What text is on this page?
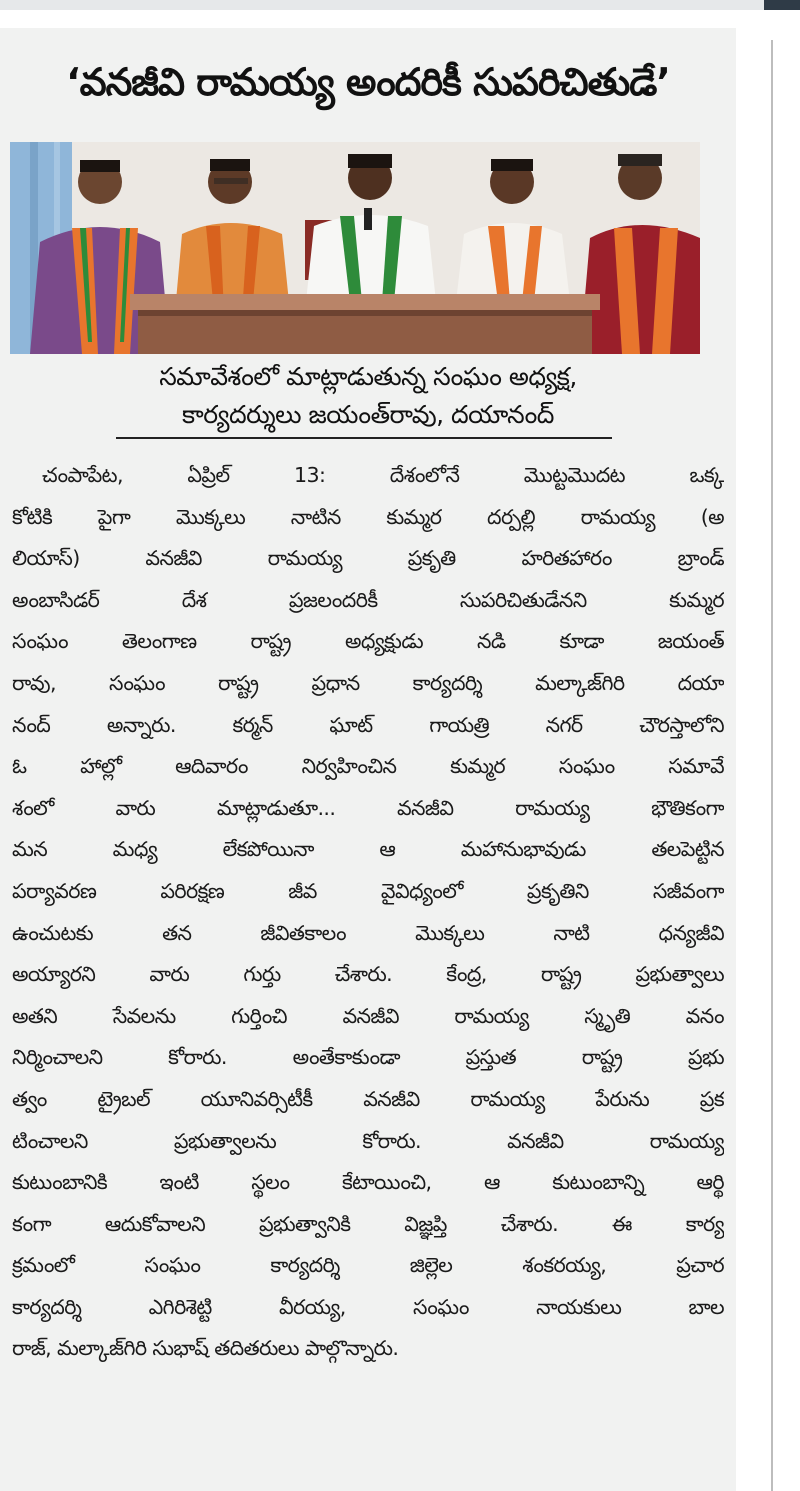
‘వనజీవి రామయ్య అందరికీ సుపరిచితుడే’
సమావేశంలో మాట్లాడుతున్న సంఘం అధ్యక్ష,
కార్యదర్శులు జయంత్‌రావు, దయానంద్
చంపాపేట, ఏప్రిల్ 13: దేశంలోనే మొట్టమొదట ఒక్క
కోటికి పైగా మొక్కలు నాటిన కుమ్మర దర్పల్లి రామయ్య (అ
లియాస్) వనజీవి రామయ్య ప్రకృతి హరితహారం బ్రాండ్
అంబాసిడర్ దేశ ప్రజలందరికీ సుపరిచితుడేనని కుమ్మర
సంఘం తెలంగాణ రాష్ట్ర అధ్యక్షుడు నడి కూడా జయంత్
రావు, సంఘం రాష్ట్ర ప్రధాన కార్యదర్శి మల్కాజ్‌గిరి దయా
నంద్ అన్నారు. కర్మన్ ఘాట్ గాయత్రి నగర్ చౌరస్తాలోని
ఓ హాల్లో ఆదివారం నిర్వహించిన కుమ్మర సంఘం సమావే
శంలో వారు మాట్లాడుతూ... వనజీవి రామయ్య భౌతికంగా
మన మధ్య లేకపోయినా ఆ మహానుభావుడు తలపెట్టిన
పర్యావరణ పరిరక్షణ జీవ వైవిధ్యంలో ప్రకృతిని సజీవంగా
ఉంచుటకు తన జీవితకాలం మొక్కలు నాటి ధన్యజీవి
అయ్యారని వారు గుర్తు చేశారు. కేంద్ర, రాష్ట్ర ప్రభుత్వాలు
అతని సేవలను గుర్తించి వనజీవి రామయ్య స్మృతి వనం
నిర్మించాలని కోరారు. అంతేకాకుండా ప్రస్తుత రాష్ట్ర ప్రభు
త్వం ట్రైబల్ యూనివర్సిటీకీ వనజీవి రామయ్య పేరును ప్రక
టించాలని ప్రభుత్వాలను కోరారు. వనజీవి రామయ్య
కుటుంబానికి ఇంటి స్థలం కేటాయించి, ఆ కుటుంబాన్ని ఆర్థి
కంగా ఆదుకోవాలని ప్రభుత్వానికి విజ్ఞప్తి చేశారు. ఈ కార్య
క్రమంలో సంఘం కార్యదర్శి జిల్లెల శంకరయ్య, ప్రచార
కార్యదర్శి ఎగిరిశెట్టి వీరయ్య, సంఘం నాయకులు బాల
రాజ్, మల్కాజ్‌గిరి సుభాష్ తదితరులు పాల్గొన్నారు.
